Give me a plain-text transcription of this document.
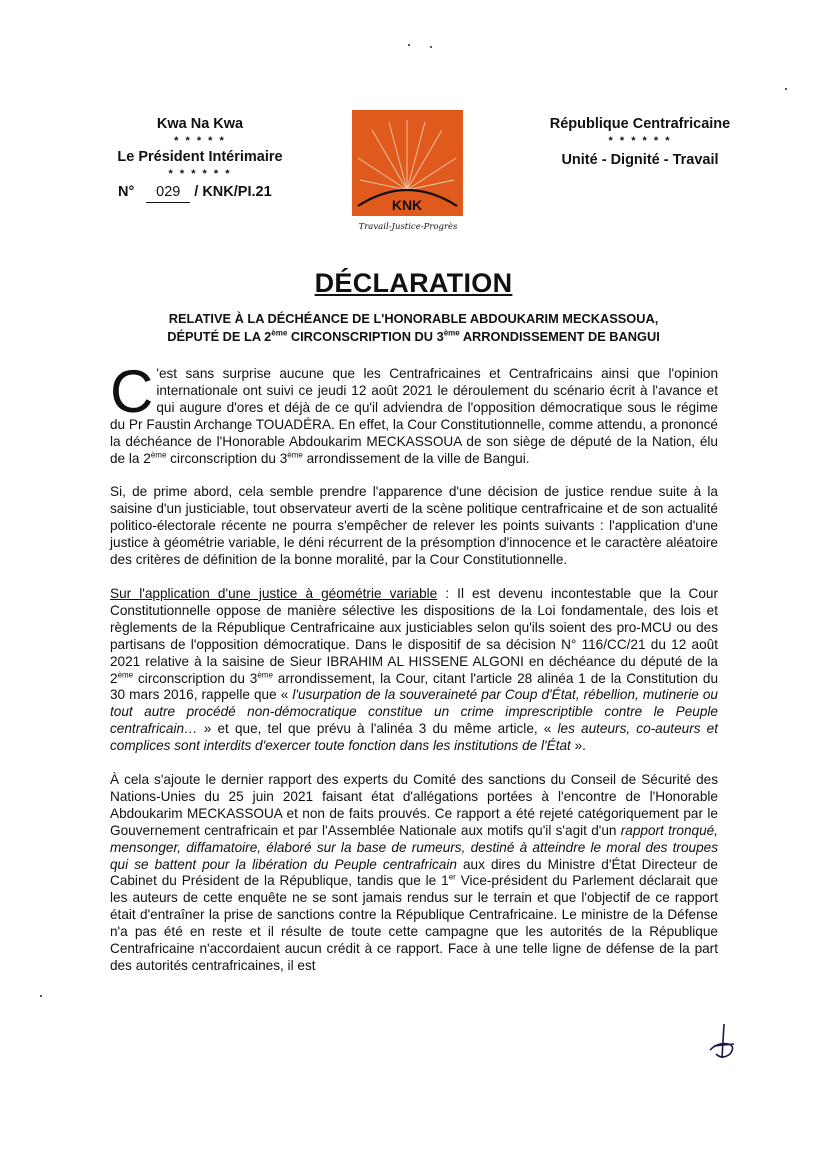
Kwa Na Kwa
* * * * *
Le Président Intérimaire
* * * * * *
N° 029 / KNK/PI.21
KNK
Travail-Justice-Progrès
République Centrafricaine
* * * * * *
Unité - Dignité - Travail
DÉCLARATION
RELATIVE À LA DÉCHÉANCE DE L'HONORABLE ABDOUKARIM MECKASSOUA,
DÉPUTÉ DE LA 2ème CIRCONSCRIPTION DU 3ème ARRONDISSEMENT DE BANGUI

C 'est sans surprise aucune que les Centrafricaines et Centrafricains ainsi que l'opinion internationale ont suivi ce jeudi 12 août 2021 le déroulement du scénario écrit à l'avance et qui augure d'ores et déjà de ce qu'il adviendra de l'opposition démocratique sous le régime du Pr Faustin Archange TOUADÉRA. En effet, la Cour Constitutionnelle, comme attendu, a prononcé la déchéance de l'Honorable Abdoukarim MECKASSOUA de son siège de député de la Nation, élu de la 2ème circonscription du 3ème arrondissement de la ville de Bangui.

Si, de prime abord, cela semble prendre l'apparence d'une décision de justice rendue suite à la saisine d'un justiciable, tout observateur averti de la scène politique centrafricaine et de son actualité politico-électorale récente ne pourra s'empêcher de relever les points suivants : l'application d'une justice à géométrie variable, le déni récurrent de la présomption d'innocence et le caractère aléatoire des critères de définition de la bonne moralité, par la Cour Constitutionnelle.

Sur l'application d'une justice à géométrie variable : Il est devenu incontestable que la Cour Constitutionnelle oppose de manière sélective les dispositions de la Loi fondamentale, des lois et règlements de la République Centrafricaine aux justiciables selon qu'ils soient des pro-MCU ou des partisans de l'opposition démocratique. Dans le dispositif de sa décision N° 116/CC/21 du 12 août 2021 relative à la saisine de Sieur IBRAHIM AL HISSENE ALGONI en déchéance du député de la 2ème circonscription du 3ème arrondissement, la Cour, citant l'article 28 alinéa 1 de la Constitution du 30 mars 2016, rappelle que « l'usurpation de la souveraineté par Coup d'État, rébellion, mutinerie ou tout autre procédé non-démocratique constitue un crime imprescriptible contre le Peuple centrafricain… » et que, tel que prévu à l'alinéa 3 du même article, « les auteurs, co-auteurs et complices sont interdits d'exercer toute fonction dans les institutions de l'État ».

À cela s'ajoute le dernier rapport des experts du Comité des sanctions du Conseil de Sécurité des Nations-Unies du 25 juin 2021 faisant état d'allégations portées à l'encontre de l'Honorable Abdoukarim MECKASSOUA et non de faits prouvés. Ce rapport a été rejeté catégoriquement par le Gouvernement centrafricain et par l'Assemblée Nationale aux motifs qu'il s'agit d'un rapport tronqué, mensonger, diffamatoire, élaboré sur la base de rumeurs, destiné à atteindre le moral des troupes qui se battent pour la libération du Peuple centrafricain aux dires du Ministre d'État Directeur de Cabinet du Président de la République, tandis que le 1er Vice-président du Parlement déclarait que les auteurs de cette enquête ne se sont jamais rendus sur le terrain et que l'objectif de ce rapport était d'entraîner la prise de sanctions contre la République Centrafricaine. Le ministre de la Défense n'a pas été en reste et il résulte de toute cette campagne que les autorités de la République Centrafricaine n'accordaient aucun crédit à ce rapport. Face à une telle ligne de défense de la part des autorités centrafricaines, il est
